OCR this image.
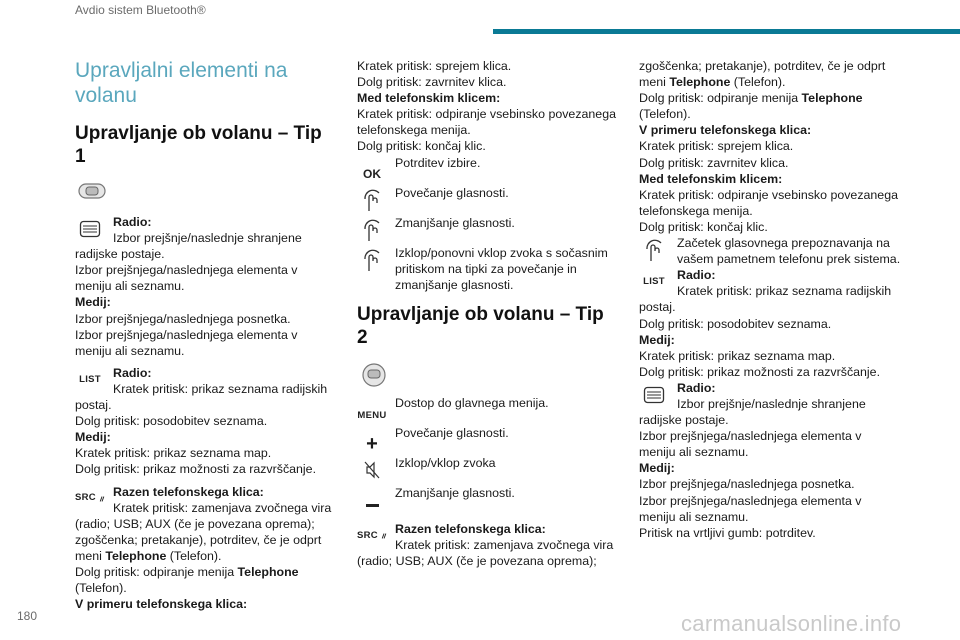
Avdio sistem Bluetooth®
180	carmanualsonline.info
Upravljalni elementi na volanu
Upravljanje ob volanu – Tip 1

Radio:

Izbor prejšnje/naslednje shranjene

radijske postaje.

Izbor prejšnjega/naslednjega elementa v meniju ali seznamu.

Medij:

Izbor prejšnjega/naslednjega posnetka.

Izbor prejšnjega/naslednjega elementa v meniju ali seznamu.

LIST Radio:

Kratek pritisk: prikaz seznama radijskih

postaj.

Dolg pritisk: posodobitev seznama.

Medij:

Kratek pritisk: prikaz seznama map.

Dolg pritisk: prikaz možnosti za razvrščanje.

SRC
Razen telefonskega klica:

Kratek pritisk: zamenjava zvočnega vira

(radio; USB; AUX (če je povezana oprema); zgoščenka; pretakanje), potrditev, če je odprt meni Telephone (Telefon).

Dolg pritisk: odpiranje menija Telephone
(Telefon).

V primeru telefonskega klica:

Kratek pritisk: sprejem klica.

Dolg pritisk: zavrnitev klica.

Med telefonskim klicem:

Kratek pritisk: odpiranje vsebinsko povezanega telefonskega menija.

Dolg pritisk: končaj klic.

OK

Potrditev izbire.

Povečanje glasnosti.

Zmanjšanje glasnosti.

Izklop/ponovni vklop zvoka s sočasnim pritiskom na tipki za povečanje in zmanjšanje glasnosti.

Upravljanje ob volanu – Tip 2
MENU

Dostop do glavnega menija.

+	Povečanje glasnosti.

Izklop/vklop zvoka

Zmanjšanje glasnosti.

SRC
Razen telefonskega klica:

Kratek pritisk: zamenjava zvočnega vira

(radio; USB; AUX (če je povezana oprema);

zgoščenka; pretakanje), potrditev, če je odprt meni Telephone (Telefon).

Dolg pritisk: odpiranje menija Telephone
(Telefon).

V primeru telefonskega klica:

Kratek pritisk: sprejem klica.

Dolg pritisk: zavrnitev klica.

Med telefonskim klicem:

Kratek pritisk: odpiranje vsebinsko povezanega telefonskega menija.

Dolg pritisk: končaj klic.

Začetek glasovnega prepoznavanja na vašem pametnem telefonu prek sistema.

LIST Radio:

Kratek pritisk: prikaz seznama radijskih

postaj.

Dolg pritisk: posodobitev seznama.

Medij:

Kratek pritisk: prikaz seznama map.

Dolg pritisk: prikaz možnosti za razvrščanje.

Radio:

Izbor prejšnje/naslednje shranjene

radijske postaje.

Izbor prejšnjega/naslednjega elementa v meniju ali seznamu.

Medij:

Izbor prejšnjega/naslednjega posnetka.

Izbor prejšnjega/naslednjega elementa v meniju ali seznamu.

Pritisk na vrtljivi gumb: potrditev.
